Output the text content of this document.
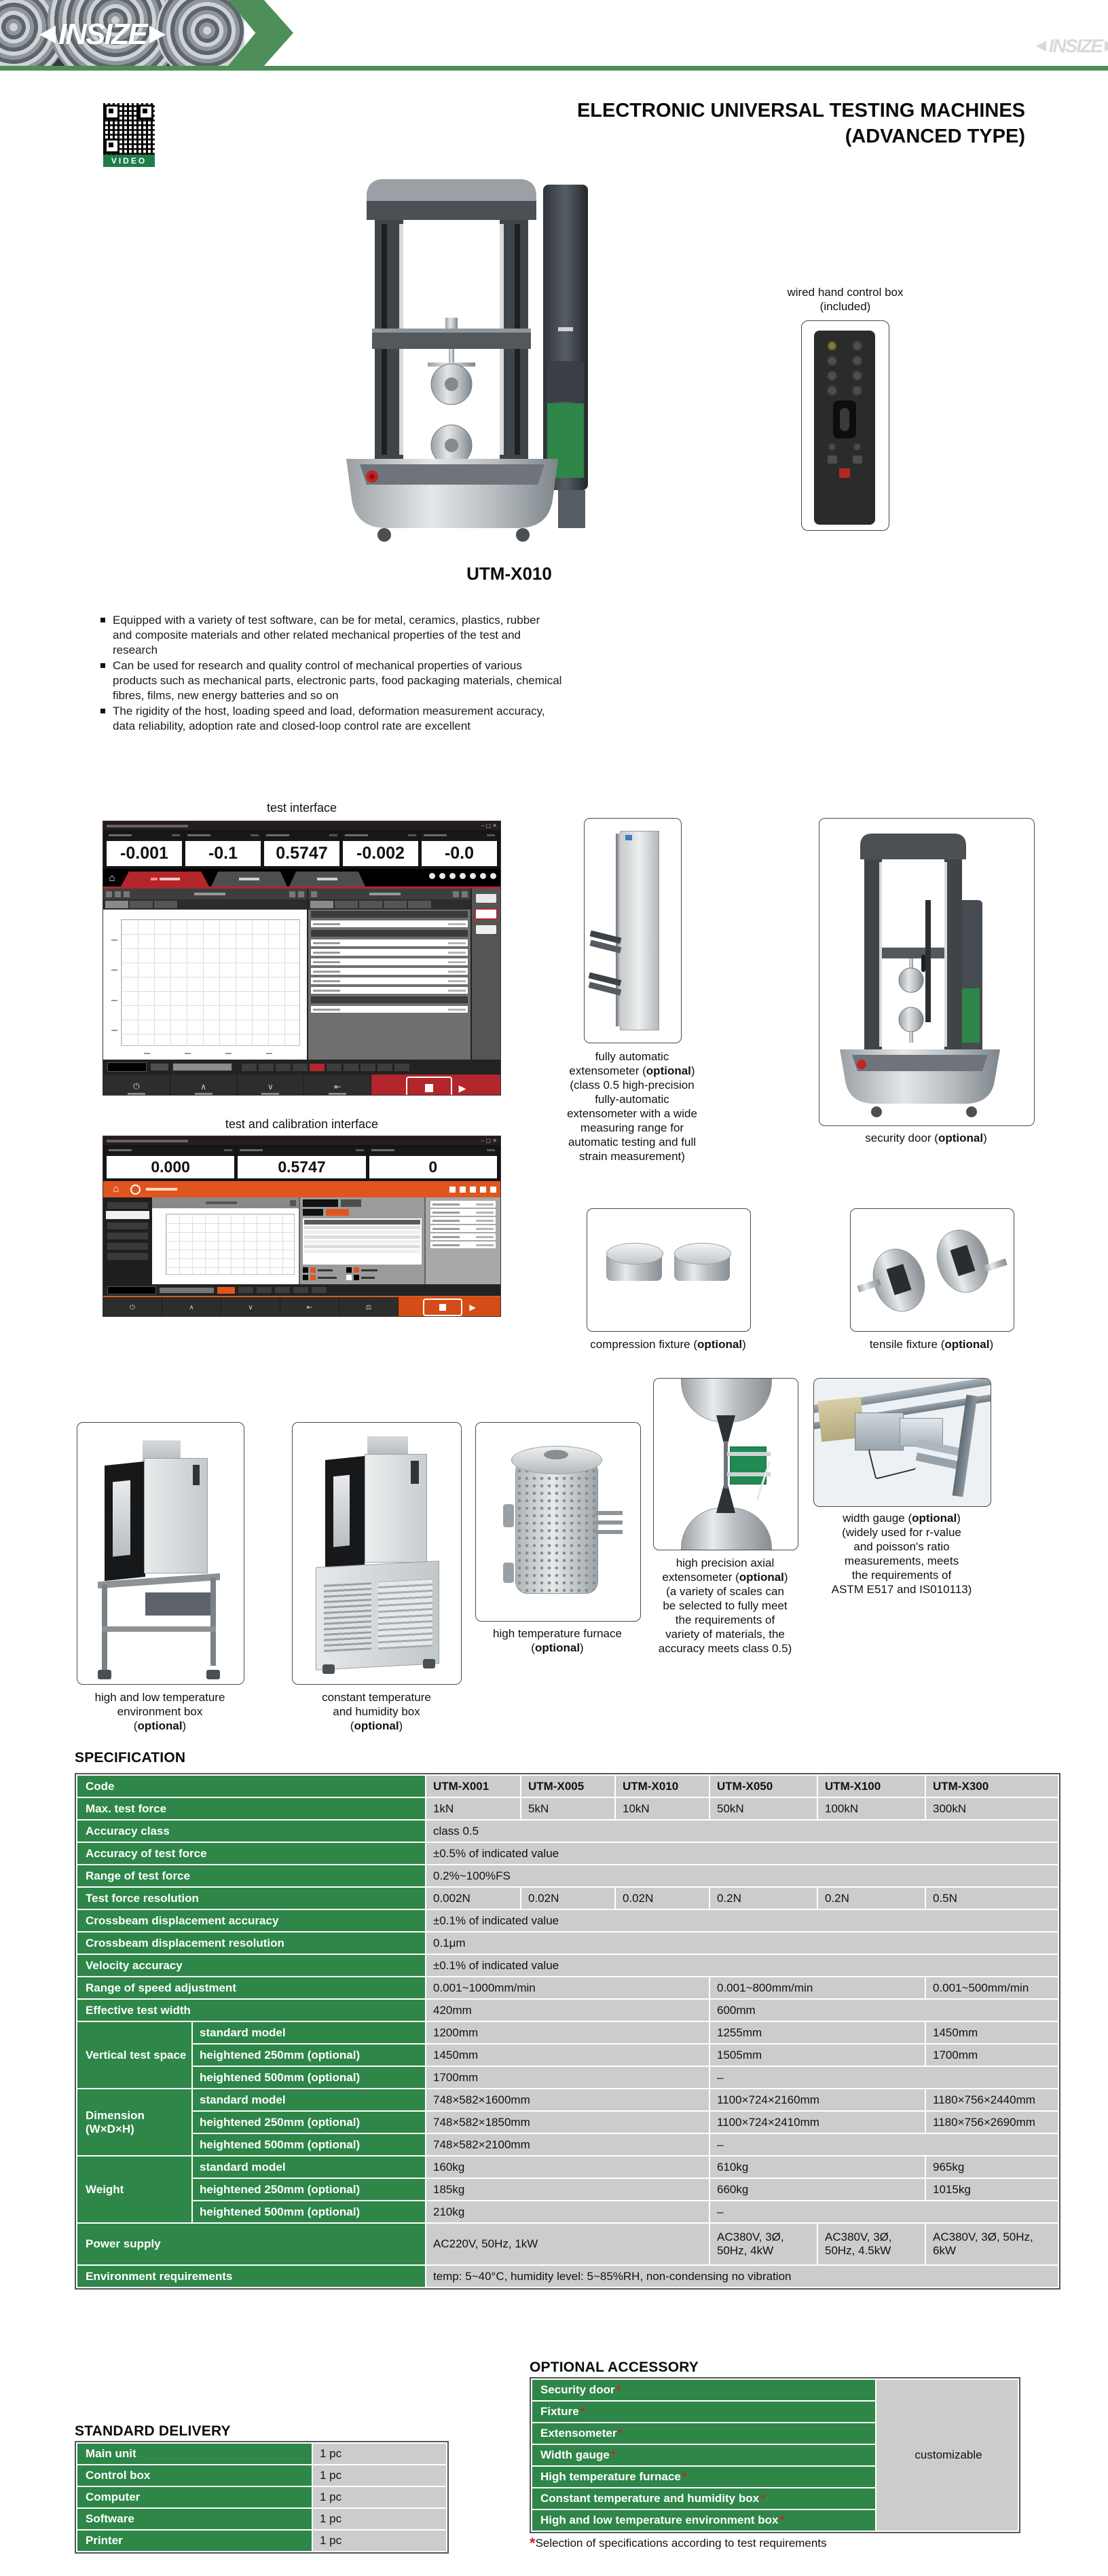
INSIZE	INSIZE
VIDEO
ELECTRONIC UNIVERSAL TESTING MACHINES
(ADVANCED TYPE)
UTM-X010
wired hand control box
(included)
Equipped with a variety of test software, can be for metal, ceramics, plastics, rubber and composite materials and other related mechanical properties of the test and research
Can be used for research and quality control of mechanical properties of various products such as mechanical parts, electronic parts, food packaging materials, chemical fibres, films, new energy batteries and so on
The rigidity of the host, loading speed and load, deformation measurement accuracy, data reliability, adoption rate and closed-loop control rate are excellent
test interface
‒ ▢ ✕
-0.001	-0.1	0.5747	-0.002	-0.0
⌂
⏻	∧	∨	⇤	▶
test and calibration interface
‒ ▢ ✕
0.000	0.5747	0
⌂
⏻	∧	∨	⇤	⚖	▶
fully automatic
extensometer (optional)
(class 0.5 high-precision
fully-automatic
extensometer with a wide
measuring range for
automatic testing and full
strain measurement)
security door (optional)
compression fixture (optional)	tensile fixture (optional)
high and low temperature
environment box
(optional)
constant temperature
and humidity box
(optional)
high temperature furnace
(optional)
high precision axial
extensometer (optional)
(a variety of scales can
be selected to fully meet
the requirements of
variety of materials, the
accuracy meets class 0.5)
width gauge (optional)
(widely used for r-value
and poisson's ratio
measurements, meets
the requirements of
ASTM E517 and IS010113)
SPECIFICATION
Code		UTM-X001	UTM-X005	UTM-X010	UTM-X050	UTM-X100	UTM-X300
Max. test force		1kN	5kN	10kN	50kN	100kN	300kN
Accuracy class		class 0.5					
Accuracy of test force		±0.5% of indicated value					
Range of test force		0.2%~100%FS					
Test force resolution		0.002N	0.02N	0.02N	0.2N	0.2N	0.5N
Crossbeam displacement accuracy		±0.1% of indicated value					
Crossbeam displacement resolution		0.1μm					
Velocity accuracy		±0.1% of indicated value					
Range of speed adjustment		0.001~1000mm/min			0.001~800mm/min		0.001~500mm/min
Effective test width		420mm			600mm		
Vertical test space	standard model	1200mm			1255mm		1450mm
	heightened 250mm (optional)	1450mm			1505mm		1700mm
	heightened 500mm (optional)	1700mm			–		
Dimension (W×D×H)	standard model	748×582×1600mm			1100×724×2160mm		1180×756×2440mm
	heightened 250mm (optional)	748×582×1850mm			1100×724×2410mm		1180×756×2690mm
	heightened 500mm (optional)	748×582×2100mm			–		
Weight	standard model	160kg			610kg		965kg
	heightened 250mm (optional)	185kg			660kg		1015kg
	heightened 500mm (optional)	210kg			–		
Power supply		AC220V, 50Hz, 1kW			AC380V, 3Ø, 50Hz, 4kW	AC380V, 3Ø, 50Hz, 4.5kW	AC380V, 3Ø, 50Hz, 6kW
Environment requirements		temp: 5~40°C, humidity level: 5~85%RH, non-condensing no vibration					
STANDARD DELIVERY
Main unit	1 pc
Control box	1 pc
Computer	1 pc
Software	1 pc
Printer	1 pc
OPTIONAL ACCESSORY
Security door *	customizable
Fixture *
Extensometer *
Width gauge *
High temperature furnace *
Constant temperature and humidity box *
High and low temperature environment box *
*Selection of specifications according to test requirements
